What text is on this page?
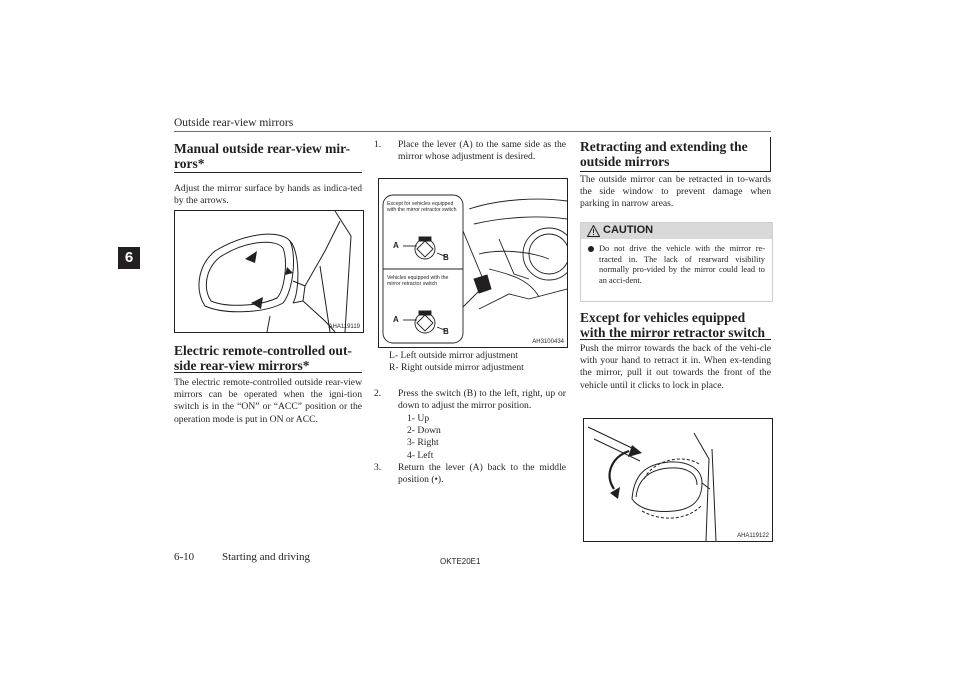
Outside rear-view mirrors
6
Manual outside rear-view mir-
rors*
Adjust the mirror surface by hands as indica-ted by the arrows.
AHA119119
Electric remote-controlled out-
side rear-view mirrors*
The electric remote-controlled outside rear-view mirrors can be operated when the igni-tion switch is in the “ON” or “ACC” position or the operation mode is put in ON or ACC.
1. Place the lever (A) to the same side as the mirror whose adjustment is desired.
Except for vehicles equipped with the mirror retractor switch
Vehicles equipped with the mirror retractor switch
A
B
A
B
AH3100434
L- Left outside mirror adjustment
R- Right outside mirror adjustment
2. Press the switch (B) to the left, right, up or down to adjust the mirror position.
1- Up
2- Down
3- Right
4- Left
3. Return the lever (A) back to the middle position (•).
Retracting and extending the
outside mirrors
The outside mirror can be retracted in to-wards the side window to prevent damage when parking in narrow areas.
CAUTION
Do not drive the vehicle with the mirror re-tracted in. The lack of rearward visibility normally pro-vided by the mirror could lead to an acci-dent.
Except for vehicles equipped
with the mirror retractor switch
Push the mirror towards the back of the vehi-cle with your hand to retract it in. When ex-tending the mirror, pull it out towards the front of the vehicle until it clicks to lock in place.
AHA119122
6-10	Starting and driving	OKTE20E1
